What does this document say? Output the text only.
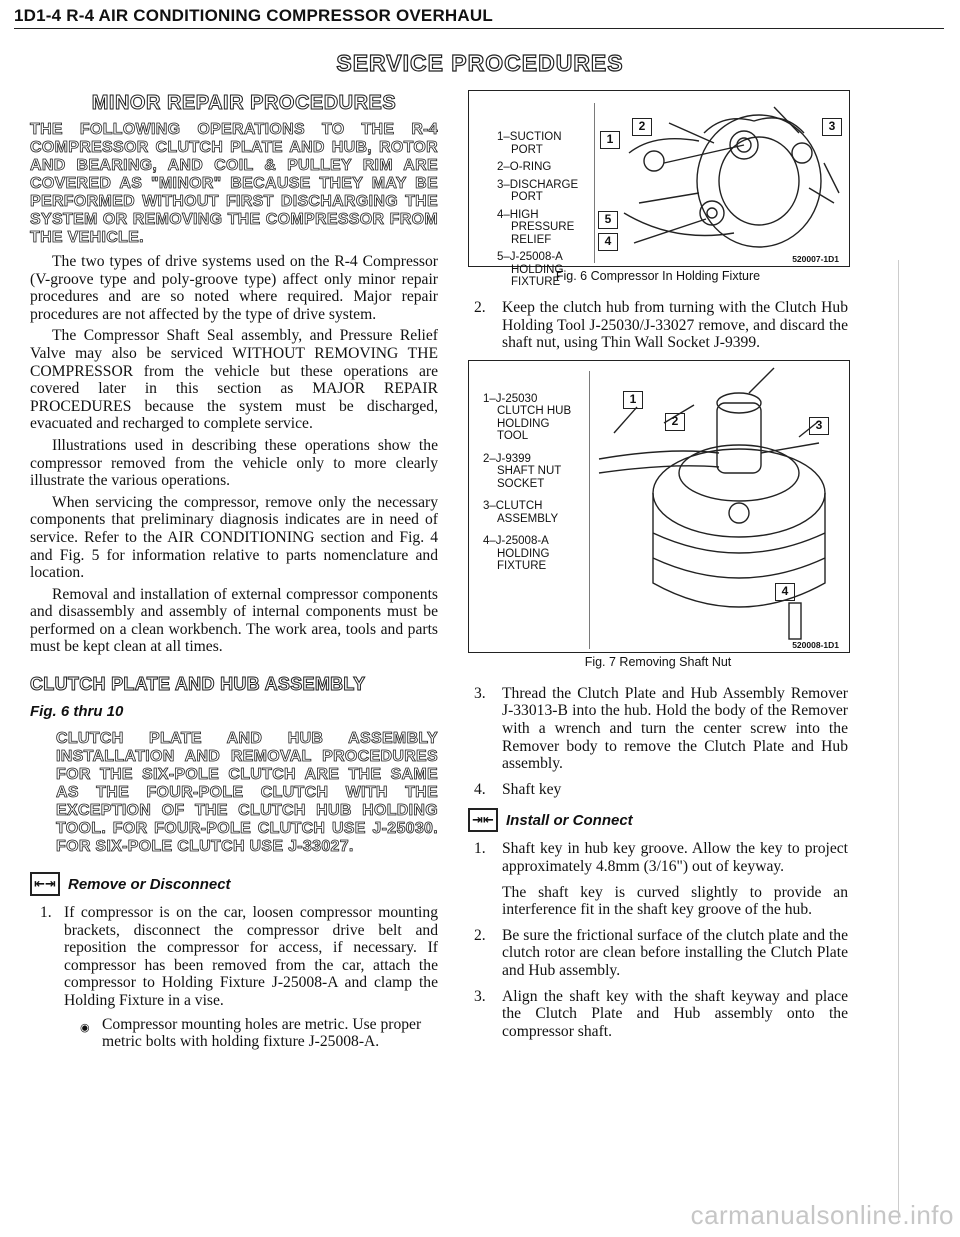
1D1-4 R-4 AIR CONDITIONING COMPRESSOR OVERHAUL
SERVICE PROCEDURES
MINOR REPAIR PROCEDURES
THE FOLLOWING OPERATIONS TO THE R-4 COMPRESSOR CLUTCH PLATE AND HUB, ROTOR AND BEARING, AND COIL & PULLEY RIM ARE COVERED AS "MINOR" BECAUSE THEY MAY BE PERFORMED WITHOUT FIRST DISCHARGING THE SYSTEM OR REMOVING THE COMPRESSOR FROM THE VEHICLE.

The two types of drive systems used on the R-4 Compressor (V-groove type and poly-groove type) affect only minor repair procedures and are so noted where required. Major repair procedures are not affected by the type of drive system.

The Compressor Shaft Seal assembly, and Pressure Relief Valve may also be serviced WITHOUT REMOVING THE COMPRESSOR from the vehicle but these operations are covered later in this section as MAJOR REPAIR PROCEDURES because the system must be discharged, evacuated and recharged to complete service.

Illustrations used in describing these operations show the compressor removed from the vehicle only to more clearly illustrate the various operations.

When servicing the compressor, remove only the necessary components that preliminary diagnosis indicates are in need of service. Refer to the AIR CONDITIONING section and Fig. 4 and Fig. 5 for information relative to parts nomenclature and location.

Removal and installation of external compressor components and disassembly and assembly of internal components must be performed on a clean workbench. The work area, tools and parts must be kept clean at all times.

CLUTCH PLATE AND HUB ASSEMBLY
Fig. 6 thru 10
CLUTCH PLATE AND HUB ASSEMBLY INSTALLATION AND REMOVAL PROCEDURES FOR THE SIX-POLE CLUTCH ARE THE SAME AS THE FOUR-POLE CLUTCH WITH THE EXCEPTION OF THE CLUTCH HUB HOLDING TOOL. FOR FOUR-POLE CLUTCH USE J-25030. FOR SIX-POLE CLUTCH USE J-33027.
⇤⇥ Remove or Disconnect
1. If compressor is on the car, loosen compressor mounting brackets, disconnect the compressor drive belt and reposition the compressor for access, if necessary. If compressor has been removed from the car, attach the compressor to Holding Fixture J-25008-A and clamp the Holding Fixture in a vise.
◉ Compressor mounting holes are metric. Use proper metric bolts with holding fixture J-25008-A.
1–SUCTION
PORT
2–O-RING
3–DISCHARGE
PORT
4–HIGH
PRESSURE
RELIEF
5–J-25008-A
HOLDING
FIXTURE
1
2	3
4
5
520007-1D1
Fig. 6 Compressor In Holding Fixture
2.	Keep the clutch hub from turning with the Clutch Hub Holding Tool J-25030/J-33027 remove, and discard the shaft nut, using Thin Wall Socket J-9399.
1–J-25030
CLUTCH HUB
HOLDING
TOOL
2–J-9399
SHAFT NUT
SOCKET
3–CLUTCH
ASSEMBLY
4–J-25008-A
HOLDING
FIXTURE
1
2	3
4
520008-1D1
Fig. 7 Removing Shaft Nut
3.	Thread the Clutch Plate and Hub Assembly Remover J-33013-B into the hub. Hold the body of the Remover with a wrench and turn the center screw into the Remover body to remove the Clutch Plate and Hub assembly.
4.	Shaft key
⇥⇤ Install or Connect
1.	Shaft key in hub key groove. Allow the key to project approximately 4.8mm (3/16") out of keyway.
The shaft key is curved slightly to provide an interference fit in the shaft key groove of the hub.
2.	Be sure the frictional surface of the clutch plate and the clutch rotor are clean before installing the Clutch Plate and Hub assembly.
3.	Align the shaft key with the shaft keyway and place the Clutch Plate and Hub assembly onto the compressor shaft.
carmanualsonline.info
